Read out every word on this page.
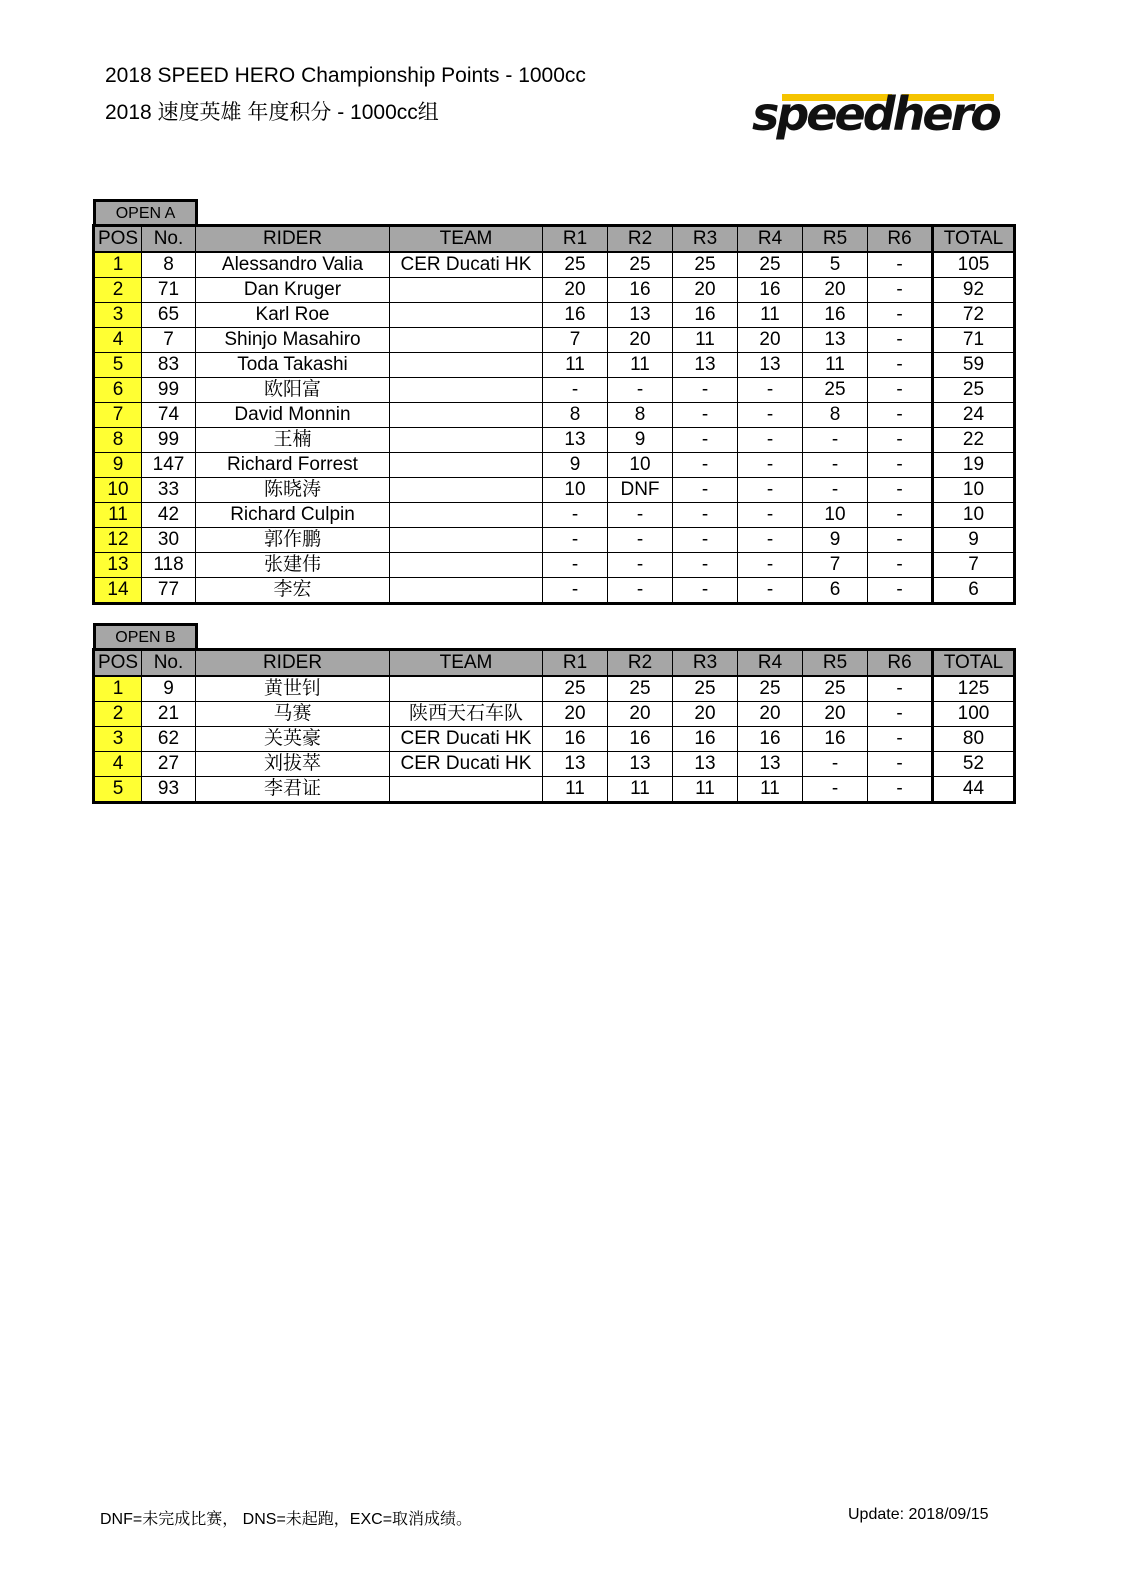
2018 SPEED HERO Championship Points - 1000cc
2018 速度英雄 年度积分 - 1000cc组	speedhero
OPEN A
POS	No.	RIDER	TEAM	R1	R2	R3	R4	R5	R6	TOTAL
1	8	Alessandro Valia	CER Ducati HK	25	25	25	25	5	-	105
2	71	Dan Kruger		20	16	20	16	20	-	92
3	65	Karl Roe		16	13	16	11	16	-	72
4	7	Shinjo Masahiro		7	20	11	20	13	-	71
5	83	Toda Takashi		11	11	13	13	11	-	59
6	99	欧阳富		-	-	-	-	25	-	25
7	74	David Monnin		8	8	-	-	8	-	24
8	99	王楠		13	9	-	-	-	-	22
9	147	Richard Forrest		9	10	-	-	-	-	19
10	33	陈晓涛		10	DNF	-	-	-	-	10
11	42	Richard Culpin		-	-	-	-	10	-	10
12	30	郭作鹏		-	-	-	-	9	-	9
13	118	张建伟		-	-	-	-	7	-	7
14	77	李宏		-	-	-	-	6	-	6
OPEN B
POS	No.	RIDER	TEAM	R1	R2	R3	R4	R5	R6	TOTAL
1	9	黄世钊		25	25	25	25	25	-	125
2	21	马赛	陕西天石车队	20	20	20	20	20	-	100
3	62	关英豪	CER Ducati HK	16	16	16	16	16	-	80
4	27	刘拔萃	CER Ducati HK	13	13	13	13	-	-	52
5	93	李君证		11	11	11	11	-	-	44
DNF=未完成比赛， DNS=未起跑，EXC=取消成绩。	Update: 2018/09/15
